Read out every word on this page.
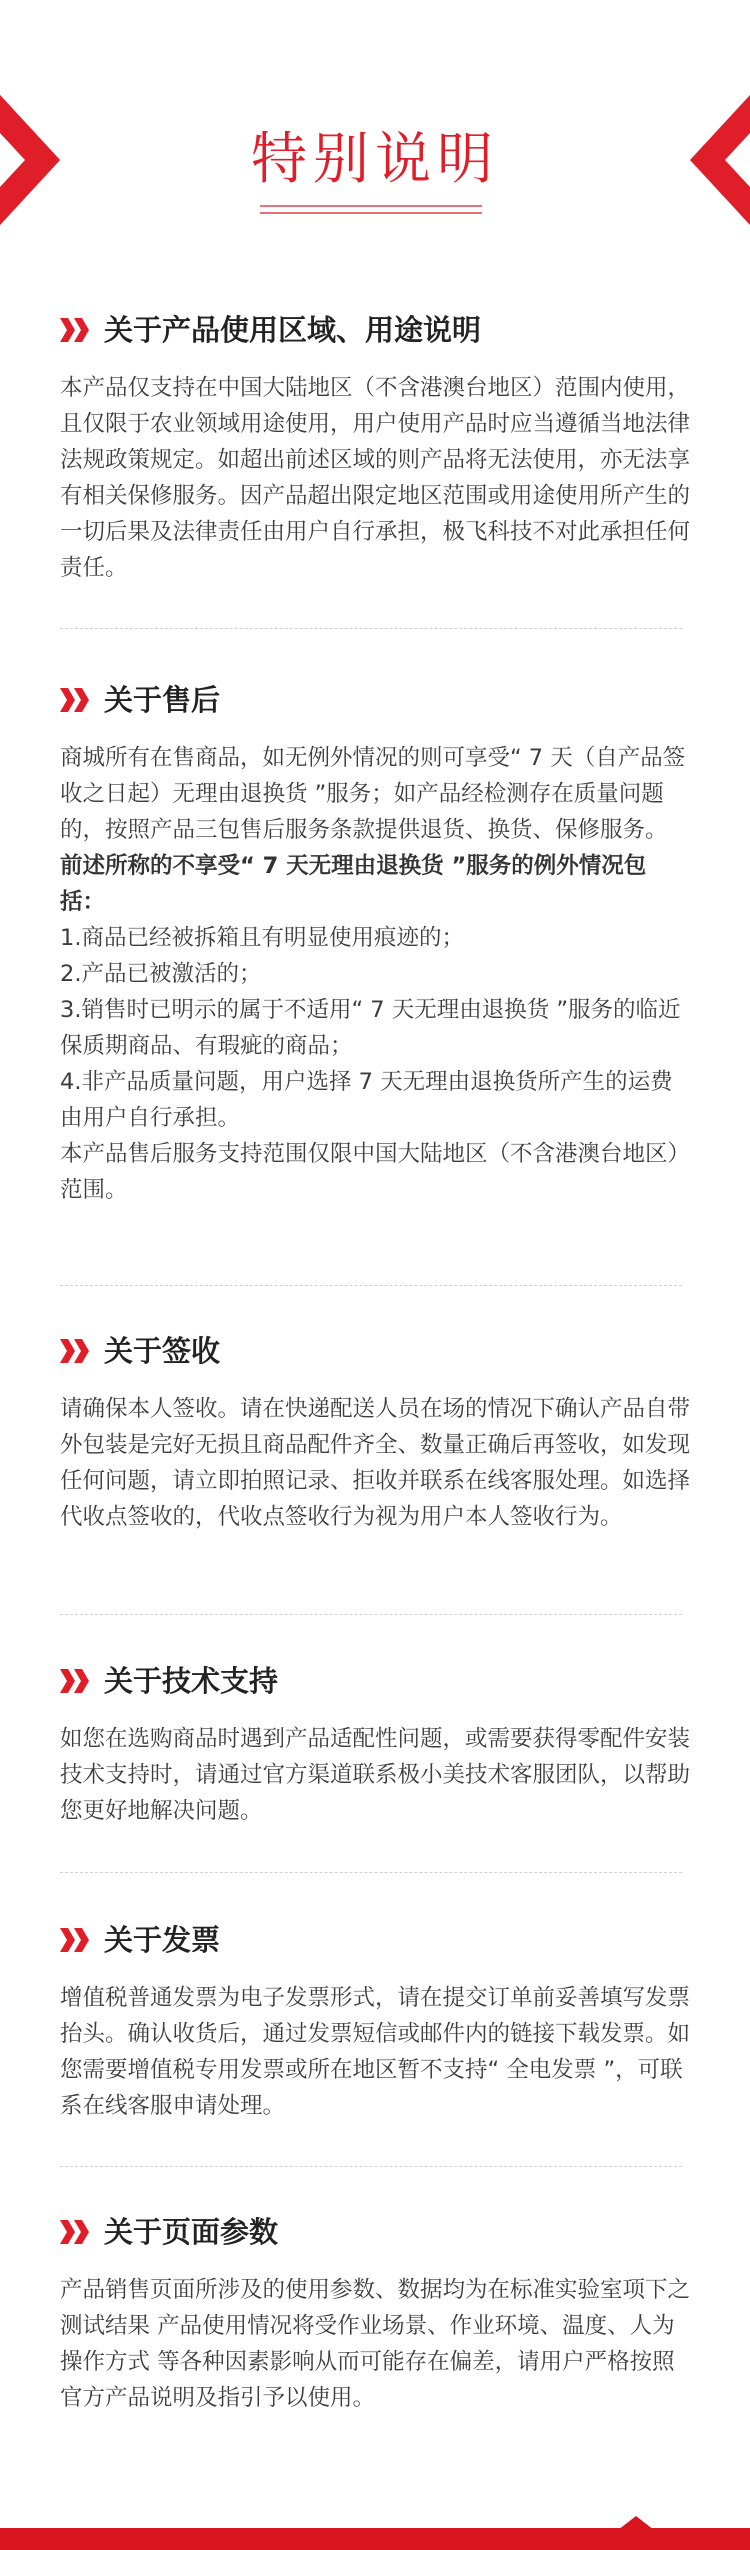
特别说明
关于产品使用区域、用途说明

本产品仅支持在中国大陆地区（不含港澳台地区）范围内使用，且仅限于农业领域用途使用，用户使用产品时应当遵循当地法律法规政策规定。如超出前述区域的则产品将无法使用，亦无法享有相关保修服务。因产品超出限定地区范围或用途使用所产生的一切后果及法律责任由用户自行承担，极飞科技不对此承担任何责任。

关于售后

商城所有在售商品，如无例外情况的则可享受“ 7 天（自产品签收之日起）无理由退换货 ”服务；如产品经检测存在质量问题的，按照产品三包售后服务条款提供退货、换货、保修服务。

前述所称的不享受“ 7 天无理由退换货 ”服务的例外情况包括：

1.商品已经被拆箱且有明显使用痕迹的；

2.产品已被激活的；

3.销售时已明示的属于不适用“ 7 天无理由退换货 ”服务的临近保质期商品、有瑕疵的商品；

4.非产品质量问题，用户选择 7 天无理由退换货所产生的运费由用户自行承担。

本产品售后服务支持范围仅限中国大陆地区（不含港澳台地区）范围。

关于签收

请确保本人签收。请在快递配送人员在场的情况下确认产品自带外包装是完好无损且商品配件齐全、数量正确后再签收，如发现任何问题，请立即拍照记录、拒收并联系在线客服处理。如选择代收点签收的，代收点签收行为视为用户本人签收行为。

关于技术支持

如您在选购商品时遇到产品适配性问题，或需要获得零配件安装技术支持时，请通过官方渠道联系极小美技术客服团队，以帮助您更好地解决问题。

关于发票

增值税普通发票为电子发票形式，请在提交订单前妥善填写发票抬头。确认收货后，通过发票短信或邮件内的链接下载发票。如您需要增值税专用发票或所在地区暂不支持“ 全电发票 ”，可联系在线客服申请处理。

关于页面参数

产品销售页面所涉及的使用参数、数据均为在标准实验室项下之测试结果 产品使用情况将受作业场景、作业环境、温度、人为操作方式 等各种因素影响从而可能存在偏差，请用户严格按照官方产品说明及指引予以使用。
